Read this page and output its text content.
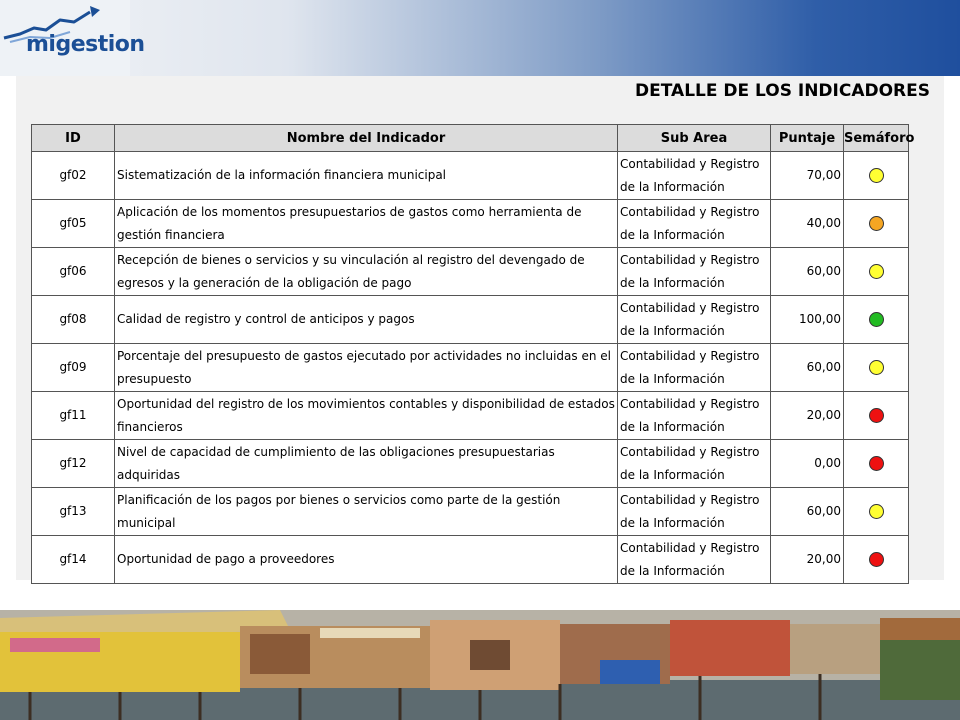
migestion
DETALLE DE LOS INDICADORES
ID	Nombre del Indicador	Sub Area	Puntaje	Semáforo
gf02	Sistematización de la información financiera municipal	Contabilidad y Registro de la Información	70,00	
gf05	Aplicación de los momentos presupuestarios de gastos como herramienta de gestión financiera	Contabilidad y Registro de la Información	40,00	
gf06	Recepción de bienes o servicios y su vinculación al registro del devengado de egresos y la generación de la obligación de pago	Contabilidad y Registro de la Información	60,00	
gf08	Calidad de registro y control de anticipos y pagos	Contabilidad y Registro de la Información	100,00	
gf09	Porcentaje del presupuesto de gastos ejecutado por actividades no incluidas en el presupuesto	Contabilidad y Registro de la Información	60,00	
gf11	Oportunidad del registro de los movimientos contables y disponibilidad de estados financieros	Contabilidad y Registro de la Información	20,00	
gf12	Nivel de capacidad de cumplimiento de las obligaciones presupuestarias adquiridas	Contabilidad y Registro de la Información	0,00	
gf13	Planificación de los pagos por bienes o servicios como parte de la gestión municipal	Contabilidad y Registro de la Información	60,00	
gf14	Oportunidad de pago a proveedores	Contabilidad y Registro de la Información	20,00	
